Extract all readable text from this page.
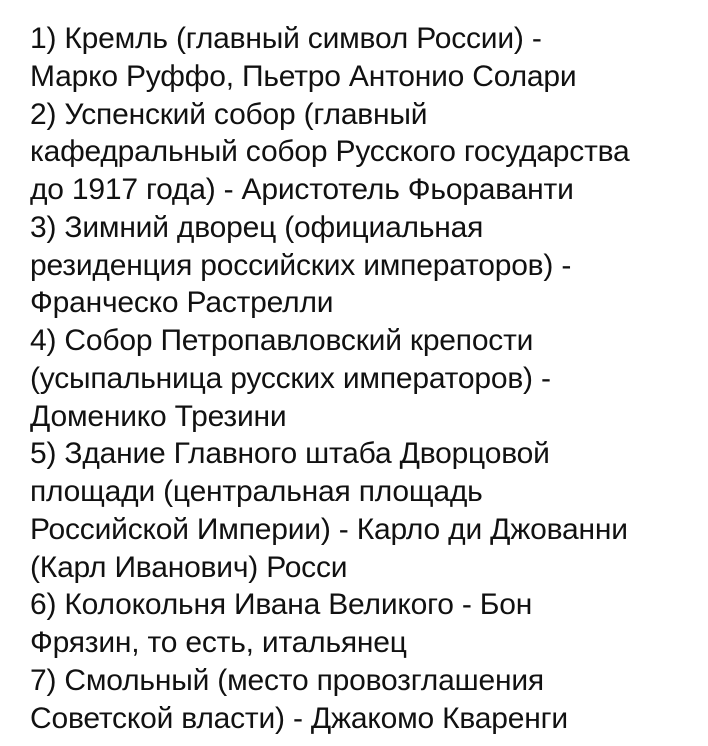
1) Кремль (главный символ России) -
Марко Руффо, Пьетро Антонио Солари
2) Успенский собор (главный
кафедральный собор Русского государства
до 1917 года) - Аристотель Фьораванти
3) Зимний дворец (официальная
резиденция российских императоров) -
Франческо Растрелли
4) Собор Петропавловский крепости
(усыпальница русских императоров) -
Доменико Трезини
5) Здание Главного штаба Дворцовой
площади (центральная площадь
Российской Империи) - Карло ди Джованни
(Карл Иванович) Росси
6) Колокольня Ивана Великого - Бон
Фрязин, то есть, итальянец
7) Смольный (место провозглашения
Советской власти) - Джакомо Кваренги
